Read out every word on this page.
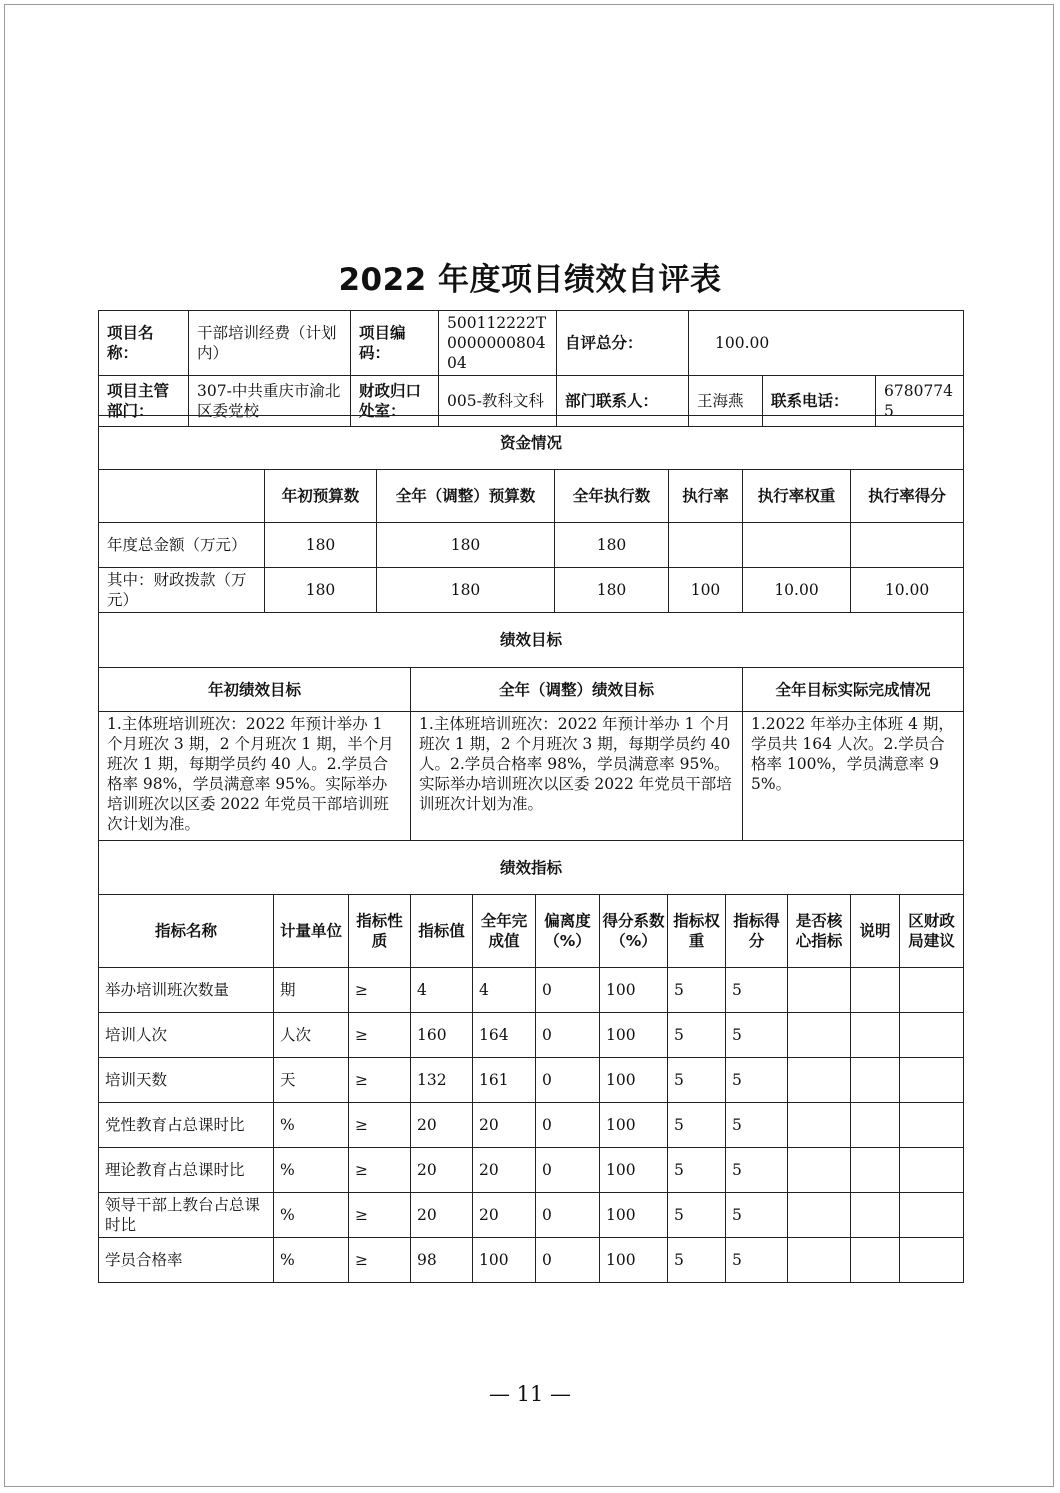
2022 年度项目绩效自评表
项目名称：	干部培训经费（计划内）	项目编码：	500112222T000000080404	自评总分：	100.00		
项目主管部门：	307-中共重庆市渝北区委党校	财政归口处室：	005-教科文科	部门联系人：	王海燕	联系电话：	67807745
资金情况						
	年初预算数	全年（调整）预算数	全年执行数	执行率	执行率权重	执行率得分
年度总金额（万元）	180	180	180			
其中：财政拨款（万元）	180	180	180	100	10.00	10.00
绩效目标		
年初绩效目标	全年（调整）绩效目标	全年目标实际完成情况
1.主体班培训班次：2022 年预计举办 1 个月班次 3 期，2 个月班次 1 期，半个月班次 1 期，每期学员约 40 人。2.学员合格率 98%，学员满意率 95%。实际举办培训班次以区委 2022 年党员干部培训班次计划为准。	1.主体班培训班次：2022 年预计举办 1 个月班次 1 期，2 个月班次 3 期，每期学员约 40 人。2.学员合格率 98%，学员满意率 95%。实际举办培训班次以区委 2022 年党员干部培训班次计划为准。	1.2022 年举办主体班 4 期，学员共 164 人次。2.学员合格率 100%，学员满意率 95%。
绩效指标											
指标名称	计量单位	指标性质	指标值	全年完成值	偏离度（%）	得分系数（%）	指标权重	指标得分	是否核心指标	说明	区财政局建议
举办培训班次数量	期	≥	4	4	0	100	5	5			
培训人次	人次	≥	160	164	0	100	5	5			
培训天数	天	≥	132	161	0	100	5	5			
党性教育占总课时比	%	≥	20	20	0	100	5	5			
理论教育占总课时比	%	≥	20	20	0	100	5	5			
领导干部上教台占总课时比	%	≥	20	20	0	100	5	5			
学员合格率	%	≥	98	100	0	100	5	5			
— 11 —
